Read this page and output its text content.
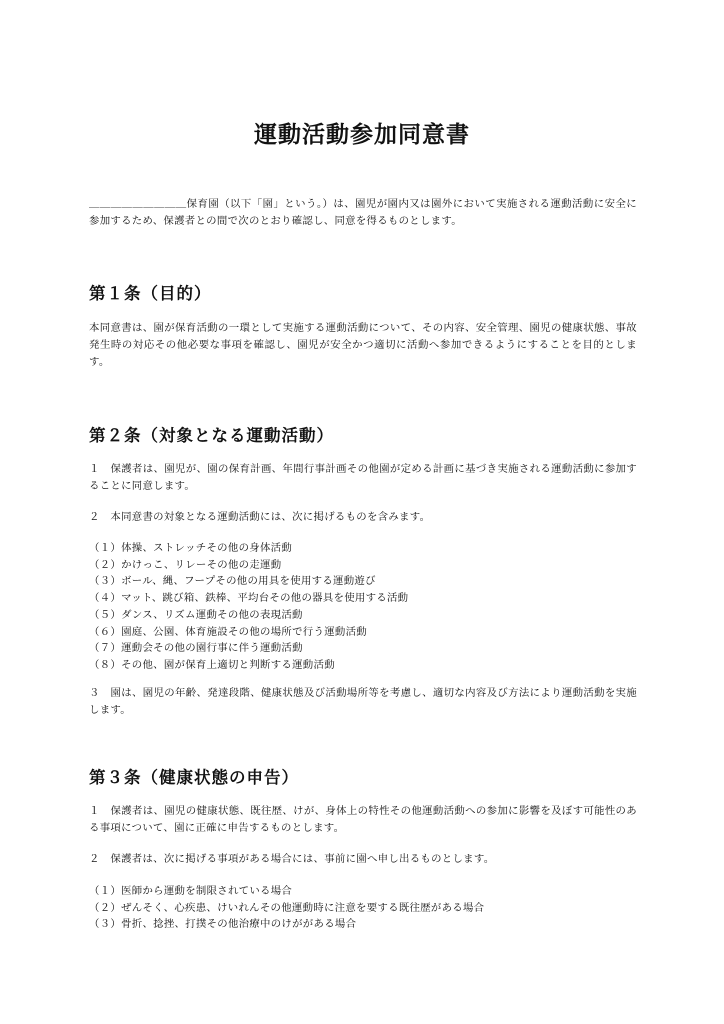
運動活動参加同意書

＿＿＿＿＿＿＿＿＿保育園（以下「園」という。）は、園児が園内又は園外において実施される運動活動に安全に参加するため、保護者との間で次のとおり確認し、同意を得るものとします。

第１条（目的）

本同意書は、園が保育活動の一環として実施する運動活動について、その内容、安全管理、園児の健康状態、事故発生時の対応その他必要な事項を確認し、園児が安全かつ適切に活動へ参加できるようにすることを目的とします。

第２条（対象となる運動活動）

１　保護者は、園児が、園の保育計画、年間行事計画その他園が定める計画に基づき実施される運動活動に参加することに同意します。

２　本同意書の対象となる運動活動には、次に掲げるものを含みます。

（１）体操、ストレッチその他の身体活動
（２）かけっこ、リレーその他の走運動
（３）ボール、縄、フープその他の用具を使用する運動遊び
（４）マット、跳び箱、鉄棒、平均台その他の器具を使用する活動
（５）ダンス、リズム運動その他の表現活動
（６）園庭、公園、体育施設その他の場所で行う運動活動
（７）運動会その他の園行事に伴う運動活動
（８）その他、園が保育上適切と判断する運動活動

３　園は、園児の年齢、発達段階、健康状態及び活動場所等を考慮し、適切な内容及び方法により運動活動を実施します。

第３条（健康状態の申告）

１　保護者は、園児の健康状態、既往歴、けが、身体上の特性その他運動活動への参加に影響を及ぼす可能性のある事項について、園に正確に申告するものとします。

２　保護者は、次に掲げる事項がある場合には、事前に園へ申し出るものとします。

（１）医師から運動を制限されている場合
（２）ぜんそく、心疾患、けいれんその他運動時に注意を要する既往歴がある場合
（３）骨折、捻挫、打撲その他治療中のけががある場合
